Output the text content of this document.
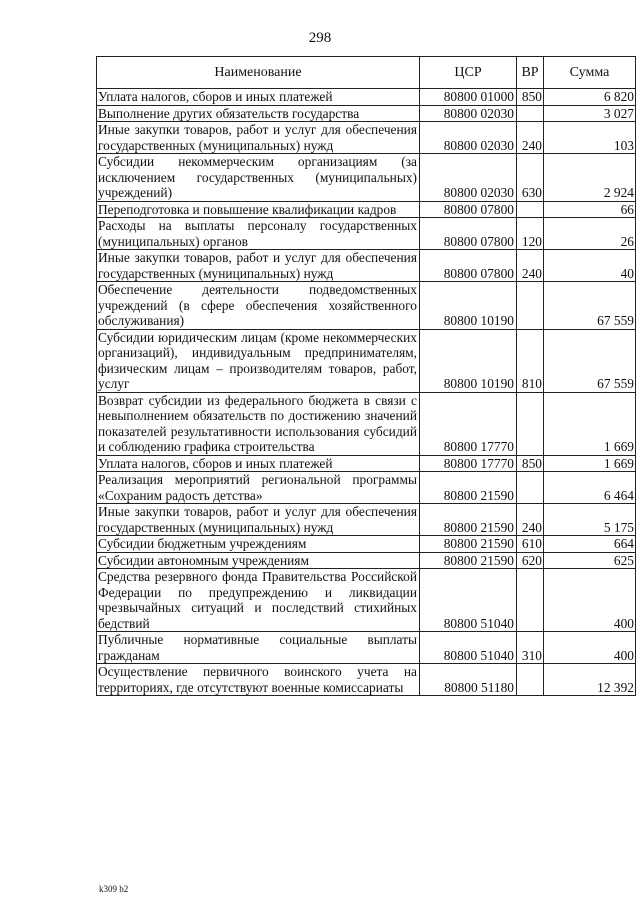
298
Наименование	ЦСР	ВР	Сумма
Уплата налогов, сборов и иных платежей	80800 01000	850	6 820
Выполнение других обязательств государства	80800 02030		3 027
Иные закупки товаров, работ и услуг для обеспечения государственных (муниципальных) нужд	80800 02030	240	103
Субсидии некоммерческим организациям (за исключением государственных (муниципальных) учреждений)	80800 02030	630	2 924
Переподготовка и повышение квалификации кадров	80800 07800		66
Расходы на выплаты персоналу государственных (муниципальных) органов	80800 07800	120	26
Иные закупки товаров, работ и услуг для обеспечения государственных (муниципальных) нужд	80800 07800	240	40
Обеспечение деятельности подведомственных учреждений (в сфере обеспечения хозяйственного обслуживания)	80800 10190		67 559
Субсидии юридическим лицам (кроме некоммерческих организаций), индивидуальным предпринимателям, физическим лицам – производителям товаров, работ, услуг	80800 10190	810	67 559
Возврат субсидии из федерального бюджета в связи с невыполнением обязательств по достижению значений показателей результативности использования субсидий и соблюдению графика строительства	80800 17770		1 669
Уплата налогов, сборов и иных платежей	80800 17770	850	1 669
Реализация мероприятий региональной программы «Сохраним радость детства»	80800 21590		6 464
Иные закупки товаров, работ и услуг для обеспечения государственных (муниципальных) нужд	80800 21590	240	5 175
Субсидии бюджетным учреждениям	80800 21590	610	664
Субсидии автономным учреждениям	80800 21590	620	625
Средства резервного фонда Правительства Российской Федерации по предупреждению и ликвидации чрезвычайных ситуаций и последствий стихийных бедствий	80800 51040		400
Публичные нормативные социальные выплаты гражданам	80800 51040	310	400
Осуществление первичного воинского учета на территориях, где отсутствуют военные комиссариаты	80800 51180		12 392
k309 b2
